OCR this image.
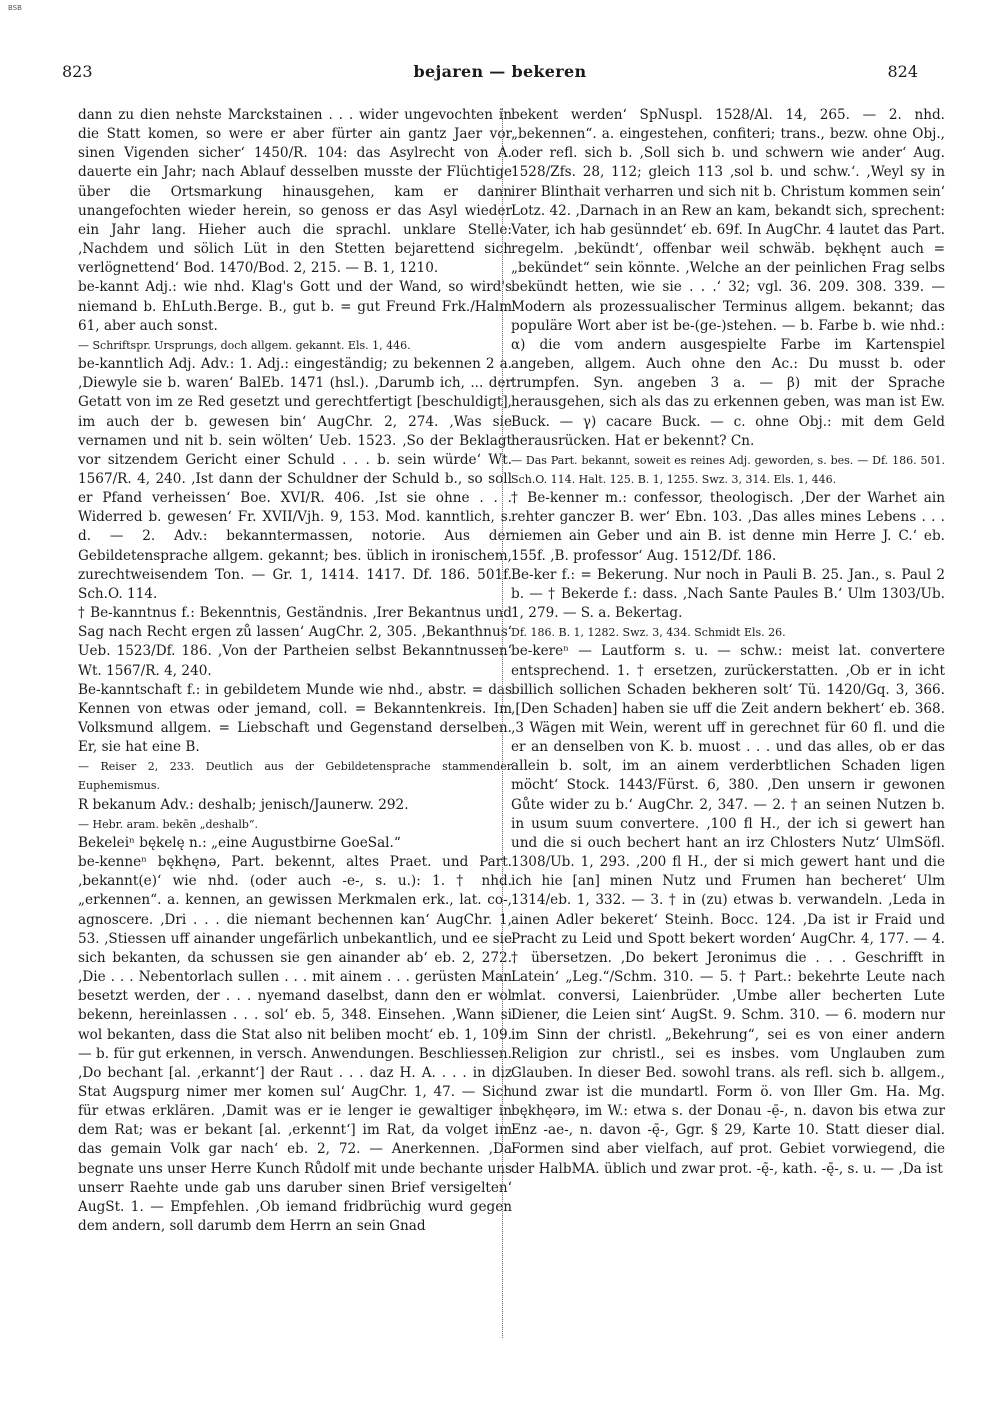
BSB
823	bejaren — bekeren	824

dann zu dien nehste Marckstainen . . . wider ungevochten in die Statt komen, so were er aber fürter ain gantz Jaer vor sinen Vigenden sicher‘ 1450/R. 104: das Asylrecht von A. dauerte ein Jahr; nach Ablauf desselben musste der Flüchtige über die Ortsmarkung hinausgehen, kam er dann unangefochten wieder herein, so genoss er das Asyl wieder ein Jahr lang. Hieher auch die sprachl. unklare Stelle: ‚Nachdem und sölich Lüt in den Stetten bejarettend sich verlögnettend‘ Bod. 1470/Bod. 2, 215. — B. 1, 1210.

be-kannt Adj.: wie nhd. Klag's Gott und der Wand, so wird's niemand b. EhLuth.Berge. B., gut b. = gut Freund Frk./Halm 61, aber auch sonst.

— Schriftspr. Ursprungs, doch allgem. gekannt. Els. 1, 446.

be-kanntlich Adj. Adv.: 1. Adj.: eingeständig; zu bekennen 2 a. ‚Diewyle sie b. waren‘ BalEb. 1471 (hsl.). ‚Darumb ich, ... der Getatt von im ze Red gesetzt und gerechtfertigt [beschuldigt], im auch der b. gewesen bin‘ AugChr. 2, 274. ‚Was sie vernamen und nit b. sein wölten‘ Ueb. 1523. ‚So der Beklagt vor sitzendem Gericht einer Schuld . . . b. sein würde‘ Wt. 1567/R. 4, 240. ‚Ist dann der Schuldner der Schuld b., so soll er Pfand verheissen‘ Boe. XVI/R. 406. ‚Ist sie ohne . . . Widerred b. gewesen‘ Fr. XVII/Vjh. 9, 153. Mod. kanntlich, s. d. — 2. Adv.: bekanntermassen, notorie. Aus der Gebildetensprache allgem. gekannt; bes. üblich in ironischem, zurechtweisendem Ton. — Gr. 1, 1414. 1417. Df. 186. 501f. Sch.O. 114.

† Be-kanntnus f.: Bekenntnis, Geständnis. ‚Irer Bekantnus und Sag nach Recht ergen zů lassen‘ AugChr. 2, 305. ‚Bekanthnus‘ Ueb. 1523/Df. 186. ‚Von der Partheien selbst Bekanntnussen‘ Wt. 1567/R. 4, 240.

Be-kanntschaft f.: in gebildetem Munde wie nhd., abstr. = das Kennen von etwas oder jemand, coll. = Bekanntenkreis. Im Volksmund allgem. = Liebschaft und Gegenstand derselben. Er, sie hat eine B.

— Reiser 2, 233. Deutlich aus der Gebildetensprache stammender Euphemismus.

R bekanum Adv.: deshalb; jenisch/Jaunerw. 292.

— Hebr. aram. bekēn „deshalb“.

Bekeleiⁿ bękelę n.: „eine Augustbirne GoeSal.“

be-kenneⁿ bękhęnə, Part. bekennt, altes Praet. und Part. ‚bekannt(e)‘ wie nhd. (oder auch -e-, s. u.): 1. † nhd. „erkennen“. a. kennen, an gewissen Merkmalen erk., lat. co-, agnoscere. ‚Dri . . . die niemant bechennen kan‘ AugChr. 1, 53. ‚Stiessen uff ainander ungefärlich unbekantlich, und ee sie sich bekanten, da schussen sie gen ainander ab‘ eb. 2, 272. ‚Die . . . Nebentorlach sullen . . . mit ainem . . . gerüsten Man besetzt werden, der . . . nyemand daselbst, dann den er wol bekenn, hereinlassen . . . sol‘ eb. 5, 348. Einsehen. ‚Wann si wol bekanten, dass die Stat also nit beliben mocht‘ eb. 1, 109. — b. für gut erkennen, in versch. Anwendungen. Beschliessen. ‚Do bechant [al. ‚erkannt‘] der Raut . . . daz H. A. . . . in diz Stat Augspurg nimer mer komen sul‘ AugChr. 1, 47. — Sich für etwas erklären. ‚Damit was er ie lenger ie gewaltiger in dem Rat; was er bekant [al. ‚erkennt‘] im Rat, da volget im das gemain Volk gar nach‘ eb. 2, 72. — Anerkennen. ‚Da begnate uns unser Herre Kunch Růdolf mit unde bechante uns unserr Raehte unde gab uns daruber sinen Brief versigelten‘ AugSt. 1. — Empfehlen. ‚Ob iemand fridbrüchig wurd gegen dem andern, soll darumb dem Herrn an sein Gnad

bekent werden‘ SpNuspl. 1528/Al. 14, 265. — 2. nhd. „bekennen“. a. eingestehen, confiteri; trans., bezw. ohne Obj., oder refl. sich b. ‚Soll sich b. und schwern wie ander‘ Aug. 1528/Zfs. 28, 112; gleich 113 ‚sol b. und schw.‘. ‚Weyl sy in irer Blinthait verharren und sich nit b. Christum kommen sein‘ Lotz. 42. ‚Darnach in an Rew an kam, bekandt sich, sprechent: Vater, ich hab gesünndet‘ eb. 69f. In AugChr. 4 lautet das Part. regelm. ‚bekündt‘, offenbar weil schwäb. bękhęnt auch = „bekündet“ sein könnte. ‚Welche an der peinlichen Frag selbs bekündt hetten, wie sie . . .‘ 32; vgl. 36. 209. 308. 339. — Modern als prozessualischer Terminus allgem. bekannt; das populäre Wort aber ist be-(ge-)stehen. — b. Farbe b. wie nhd.: α) die vom andern ausgespielte Farbe im Kartenspiel angeben, allgem. Auch ohne den Ac.: Du musst b. oder trumpfen. Syn. angeben 3 a. — β) mit der Sprache herausgehen, sich als das zu erkennen geben, was man ist Ew. Buck. — γ) cacare Buck. — c. ohne Obj.: mit dem Geld herausrücken. Hat er bekennt? Cn.

— Das Part. bekannt, soweit es reines Adj. geworden, s. bes. — Df. 186. 501. Sch.O. 114. Halt. 125. B. 1, 1255. Swz. 3, 314. Els. 1, 446.

† Be-kenner m.: confessor, theologisch. ‚Der der Warhet ain rehter ganczer B. wer‘ Ebn. 103. ‚Das alles mines Lebens . . . niemen ain Geber und ain B. ist denne min Herre J. C.‘ eb. 155f. ‚B. professor‘ Aug. 1512/Df. 186.

Be-ker f.: = Bekerung. Nur noch in Pauli B. 25. Jan., s. Paul 2 b. — † Bekerde f.: dass. ‚Nach Sante Paules B.‘ Ulm 1303/Ub. 1, 279. — S. a. Bekertag.

Df. 186. B. 1, 1282. Swz. 3, 434. Schmidt Els. 26.

be-kereⁿ — Lautform s. u. — schw.: meist lat. convertere entsprechend. 1. † ersetzen, zurückerstatten. ‚Ob er in icht billich sollichen Schaden bekheren solt‘ Tü. 1420/Gq. 3, 366. ‚[Den Schaden] haben sie uff die Zeit andern bekhert‘ eb. 368. ‚3 Wägen mit Wein, werent uff in gerechnet für 60 fl. und die er an denselben von K. b. muost . . . und das alles, ob er das allein b. solt, im an ainem verderbtlichen Schaden ligen möcht‘ Stock. 1443/Fürst. 6, 380. ‚Den unsern ir gewonen Gůte wider zu b.‘ AugChr. 2, 347. — 2. † an seinen Nutzen b. in usum suum convertere. ‚100 fl H., der ich si gewert han und die si ouch bechert hant an irz Chlosters Nutz‘ UlmSöfl. 1308/Ub. 1, 293. ‚200 fl H., der si mich gewert hant und die ich hie [an] minen Nutz und Frumen han becheret‘ Ulm 1314/eb. 1, 332. — 3. † in (zu) etwas b. verwandeln. ‚Leda in ainen Adler bekeret‘ Steinh. Bocc. 124. ‚Da ist ir Fraid und Pracht zu Leid und Spott bekert worden‘ AugChr. 4, 177. — 4. † übersetzen. ‚Do bekert Jeronimus die . . . Geschrifft in Latein‘ „Leg.“/Schm. 310. — 5. † Part.: bekehrte Leute nach mlat. conversi, Laienbrüder. ‚Umbe aller becherten Lute Diener, die Leien sint‘ AugSt. 9. Schm. 310. — 6. modern nur im Sinn der christl. „Bekehrung“, sei es von einer andern Religion zur christl., sei es insbes. vom Unglauben zum Glauben. In dieser Bed. sowohl trans. als refl. sich b. allgem., und zwar ist die mundartl. Form ö. von Iller Gm. Ha. Mg. bękhęərə, im W.: etwa s. der Donau -ẹ̄-, n. davon bis etwa zur Enz -ae-, n. davon -ę̄-, Ggr. § 29, Karte 10. Statt dieser dial. Formen sind aber vielfach, auf prot. Gebiet vorwiegend, die der HalbMA. üblich und zwar prot. -ę̄-, kath. -ę̄-, s. u. — ‚Da ist
